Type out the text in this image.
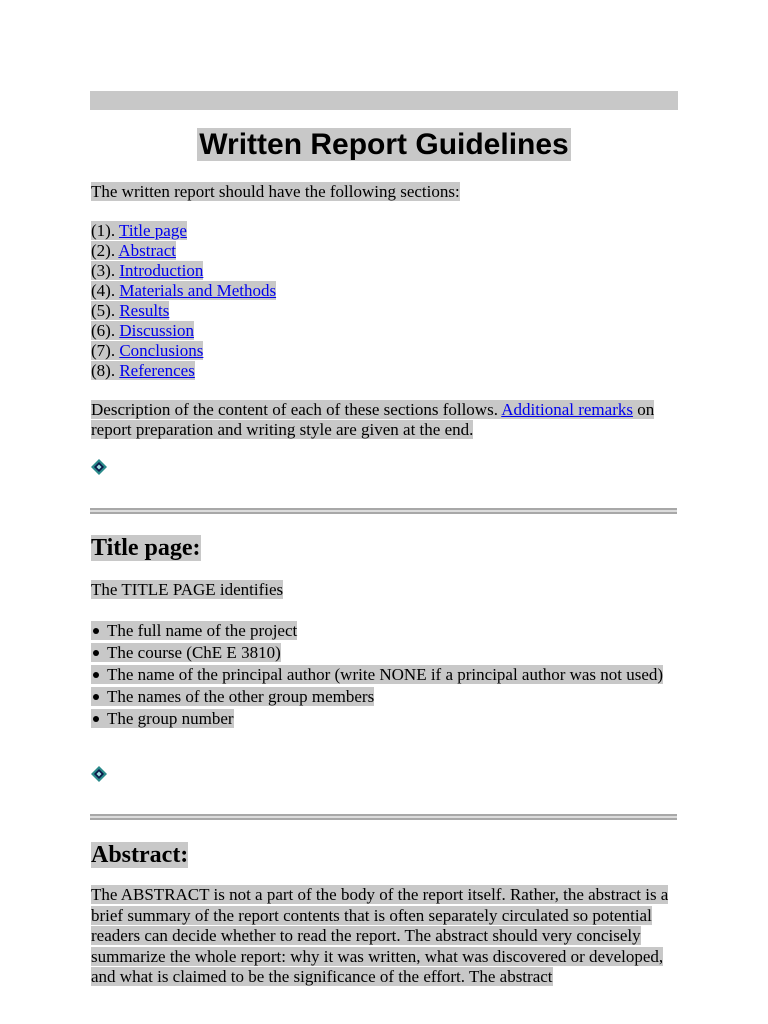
Written Report Guidelines

The written report should have the following sections:

(1). Title page
(2). Abstract
(3). Introduction
(4). Materials and Methods
(5). Results
(6). Discussion
(7). Conclusions
(8). References

Description of the content of each of these sections follows. Additional remarks on report preparation and writing style are given at the end.

Title page:

The TITLE PAGE identifies

The full name of the project
The course (ChE E 3810)
The name of the principal author (write NONE if a principal author was not used)
The names of the other group members
The group number
Abstract:

The ABSTRACT is not a part of the body of the report itself. Rather, the abstract is a brief summary of the report contents that is often separately circulated so potential readers can decide whether to read the report. The abstract should very concisely summarize the whole report: why it was written, what was discovered or developed, and what is claimed to be the significance of the effort. The abstract
